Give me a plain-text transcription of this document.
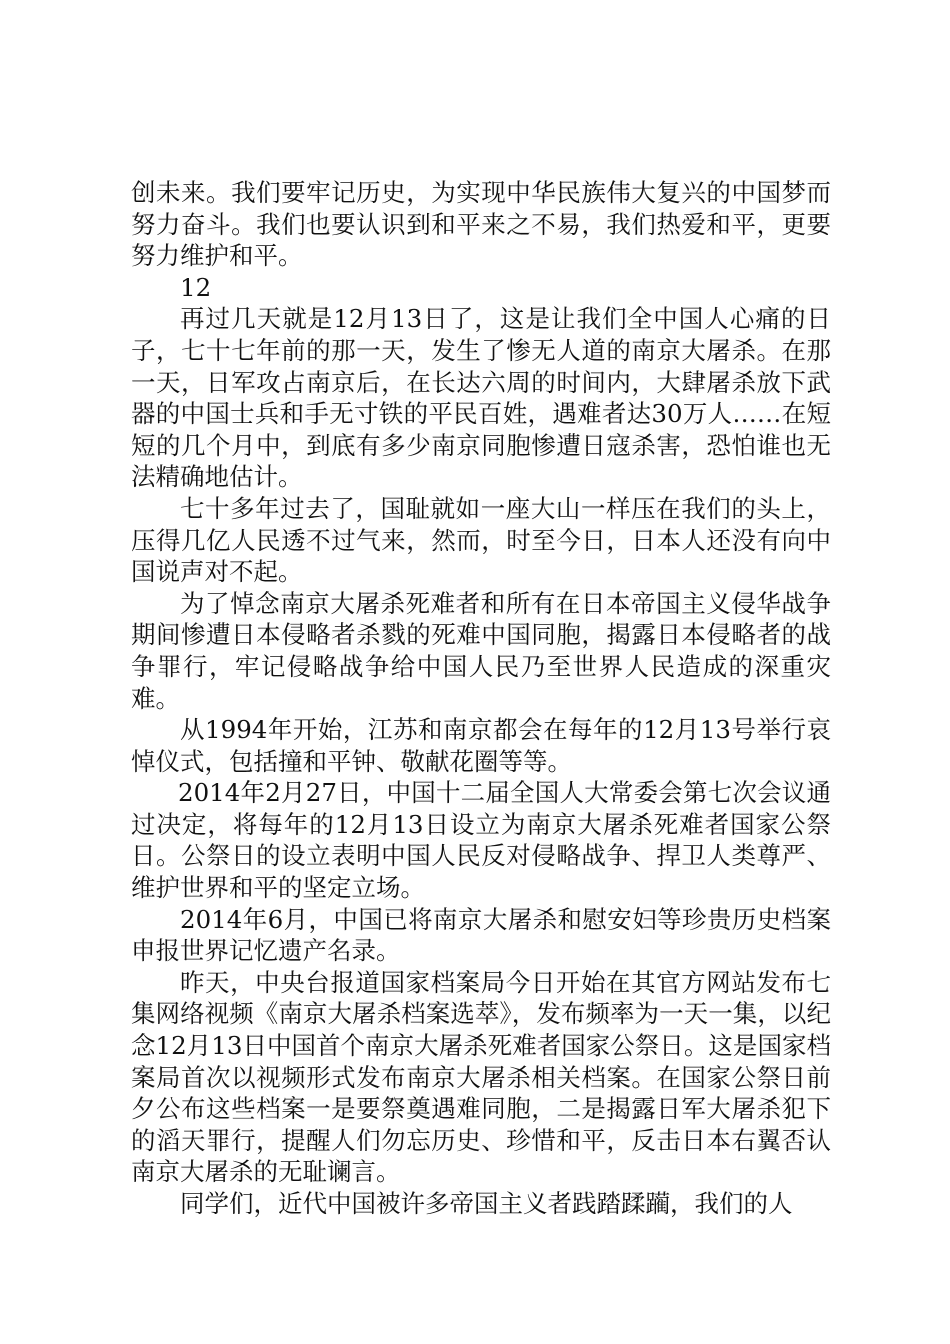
创未来。我们要牢记历史，为实现中华民族伟大复兴的中国梦而努力奋斗。我们也要认识到和平来之不易，我们热爱和平，更要努力维护和平。

12

再过几天就是12月13日了，这是让我们全中国人心痛的日子，七十七年前的那一天，发生了惨无人道的南京大屠杀。在那一天，日军攻占南京后，在长达六周的时间内，大肆屠杀放下武器的中国士兵和手无寸铁的平民百姓，遇难者达30万人……在短短的几个月中，到底有多少南京同胞惨遭日寇杀害，恐怕谁也无法精确地估计。

七十多年过去了，国耻就如一座大山一样压在我们的头上，压得几亿人民透不过气来，然而，时至今日，日本人还没有向中国说声对不起。

为了悼念南京大屠杀死难者和所有在日本帝国主义侵华战争期间惨遭日本侵略者杀戮的死难中国同胞，揭露日本侵略者的战争罪行，牢记侵略战争给中国人民乃至世界人民造成的深重灾难。

从1994年开始，江苏和南京都会在每年的12月13号举行哀悼仪式，包括撞和平钟、敬献花圈等等。

2014年2月27日，中国十二届全国人大常委会第七次会议通过决定，将每年的12月13日设立为南京大屠杀死难者国家公祭日。公祭日的设立表明中国人民反对侵略战争、捍卫人类尊严、维护世界和平的坚定立场。

2014年6月，中国已将南京大屠杀和慰安妇等珍贵历史档案申报世界记忆遗产名录。

昨天，中央台报道国家档案局今日开始在其官方网站发布七集网络视频《南京大屠杀档案选萃》，发布频率为一天一集，以纪念12月13日中国首个南京大屠杀死难者国家公祭日。这是国家档案局首次以视频形式发布南京大屠杀相关档案。在国家公祭日前夕公布这些档案一是要祭奠遇难同胞，二是揭露日军大屠杀犯下的滔天罪行，提醒人们勿忘历史、珍惜和平，反击日本右翼否认南京大屠杀的无耻谰言。

同学们，近代中国被许多帝国主义者践踏蹂躏，我们的人
